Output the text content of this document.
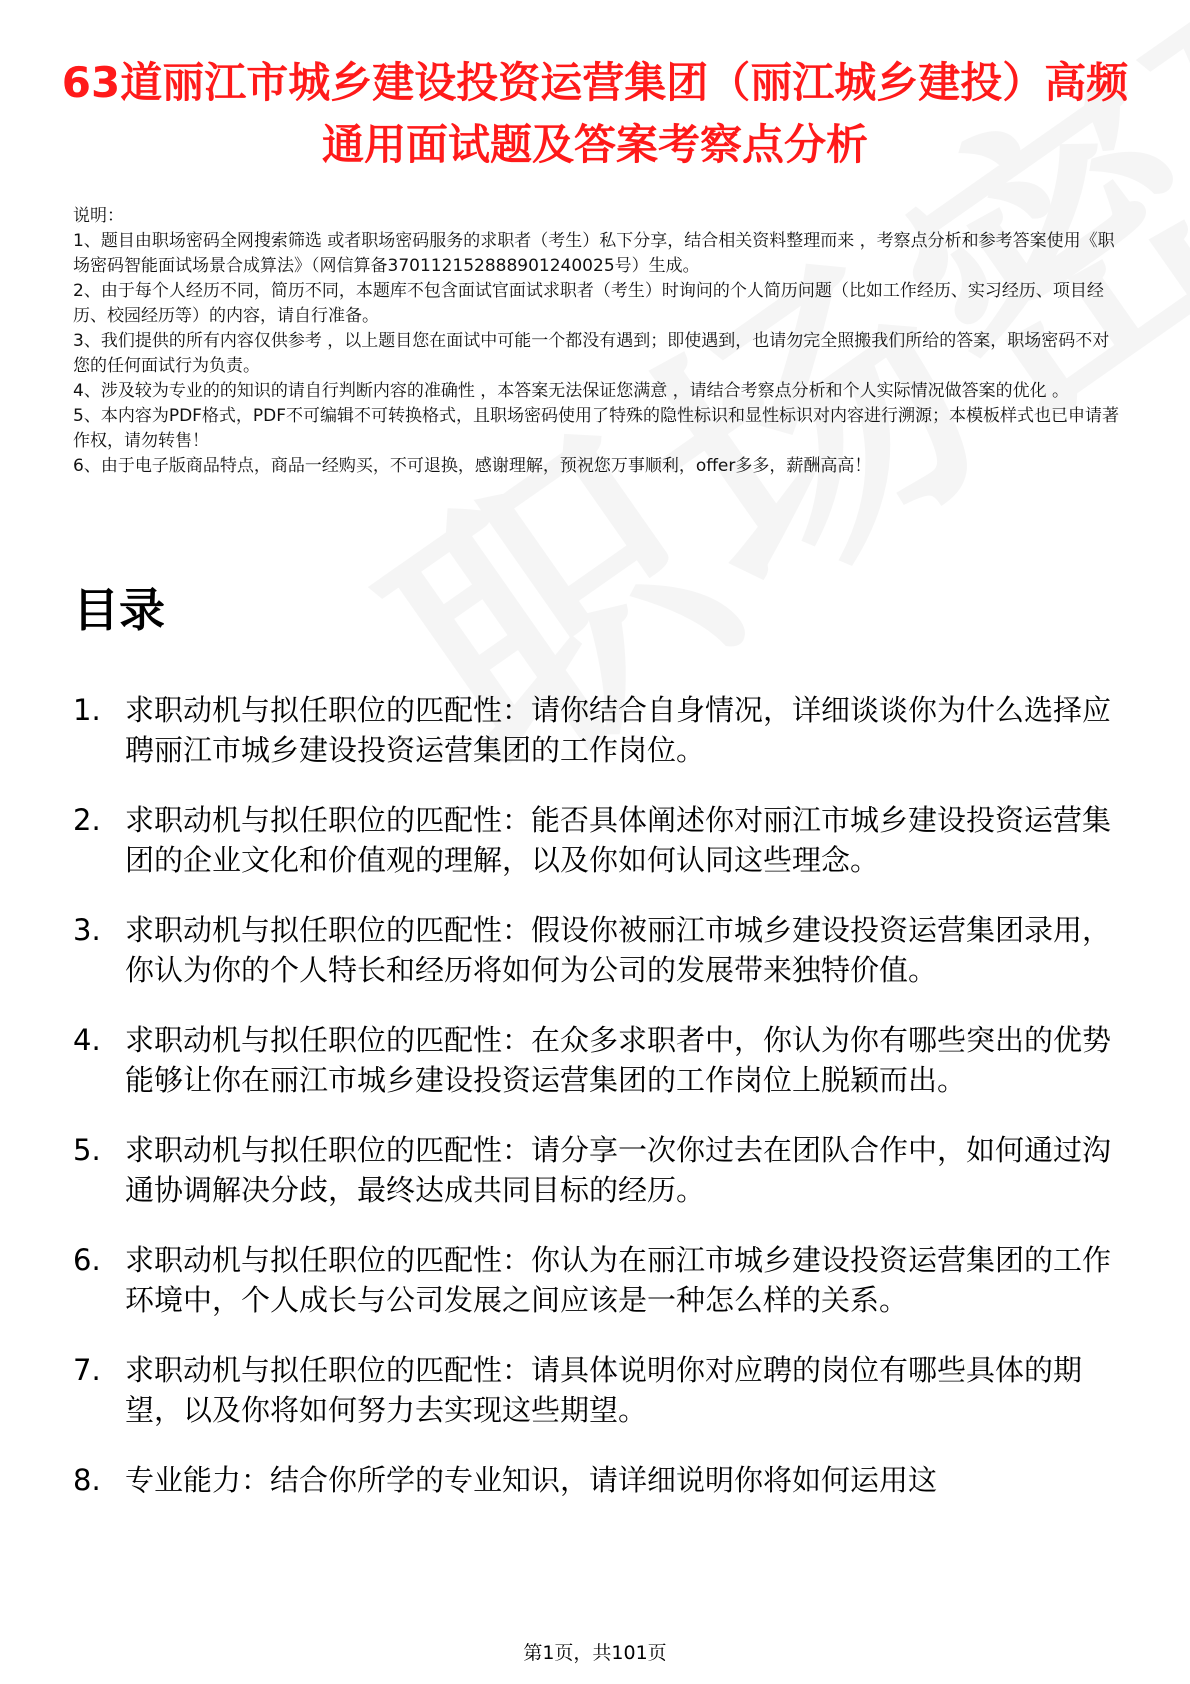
63道丽江市城乡建设投资运营集团（丽江城乡建投）高频通用面试题及答案考察点分析
说明：
1、题目由职场密码全网搜索筛选 或者职场密码服务的求职者（考生）私下分享，结合相关资料整理而来 ，考察点分析和参考答案使用《职场密码智能面试场景合成算法》（网信算备370112152888901240025号）生成。
2、由于每个人经历不同，简历不同，本题库不包含面试官面试求职者（考生）时询问的个人简历问题（比如工作经历、实习经历、项目经历、校园经历等）的内容，请自行准备。
3、我们提供的所有内容仅供参考 ，以上题目您在面试中可能一个都没有遇到；即使遇到，也请勿完全照搬我们所给的答案，职场密码不对您的任何面试行为负责。
4、涉及较为专业的的知识的请自行判断内容的准确性 ，本答案无法保证您满意 ，请结合考察点分析和个人实际情况做答案的优化 。
5、本内容为PDF格式，PDF不可编辑不可转换格式，且职场密码使用了特殊的隐性标识和显性标识对内容进行溯源；本模板样式也已申请著作权，请勿转售！
6、由于电子版商品特点，商品一经购买，不可退换，感谢理解，预祝您万事顺利，offer多多，薪酬高高！
目录
1. 求职动机与拟任职位的匹配性：请你结合自身情况，详细谈谈你为什么选择应聘丽江市城乡建设投资运营集团的工作岗位。
2. 求职动机与拟任职位的匹配性：能否具体阐述你对丽江市城乡建设投资运营集团的企业文化和价值观的理解，以及你如何认同这些理念。
3. 求职动机与拟任职位的匹配性：假设你被丽江市城乡建设投资运营集团录用，你认为你的个人特长和经历将如何为公司的发展带来独特价值。
4. 求职动机与拟任职位的匹配性：在众多求职者中，你认为你有哪些突出的优势能够让你在丽江市城乡建设投资运营集团的工作岗位上脱颖而出。
5. 求职动机与拟任职位的匹配性：请分享一次你过去在团队合作中，如何通过沟通协调解决分歧，最终达成共同目标的经历。
6. 求职动机与拟任职位的匹配性：你认为在丽江市城乡建设投资运营集团的工作环境中，个人成长与公司发展之间应该是一种怎么样的关系。
7. 求职动机与拟任职位的匹配性：请具体说明你对应聘的岗位有哪些具体的期望，以及你将如何努力去实现这些期望。
8. 专业能力：结合你所学的专业知识，请详细说明你将如何运用这
第1页，共101页
